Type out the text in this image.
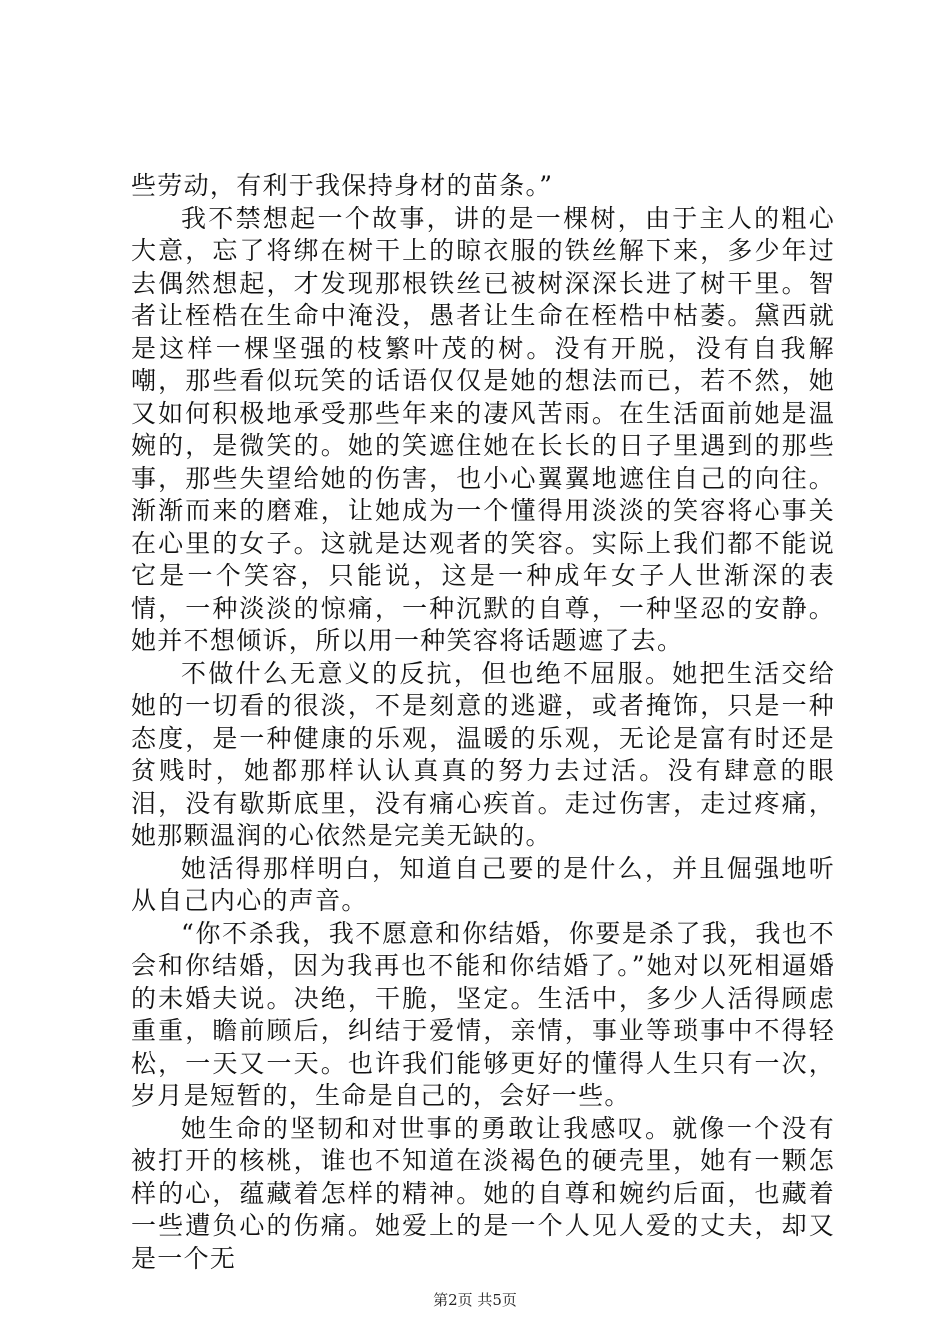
些劳动，有利于我保持身材的苗条。”

我不禁想起一个故事，讲的是一棵树，由于主人的粗心大意，忘了将绑在树干上的晾衣服的铁丝解下来，多少年过去偶然想起，才发现那根铁丝已被树深深长进了树干里。智者让桎梏在生命中淹没，愚者让生命在桎梏中枯萎。黛西就是这样一棵坚强的枝繁叶茂的树。没有开脱，没有自我解嘲，那些看似玩笑的话语仅仅是她的想法而已，若不然，她又如何积极地承受那些年来的凄风苦雨。在生活面前她是温婉的，是微笑的。她的笑遮住她在长长的日子里遇到的那些事，那些失望给她的伤害，也小心翼翼地遮住自己的向往。渐渐而来的磨难，让她成为一个懂得用淡淡的笑容将心事关在心里的女子。这就是达观者的笑容。实际上我们都不能说它是一个笑容，只能说，这是一种成年女子人世渐深的表情，一种淡淡的惊痛，一种沉默的自尊，一种坚忍的安静。她并不想倾诉，所以用一种笑容将话题遮了去。

不做什么无意义的反抗，但也绝不屈服。她把生活交给她的一切看的很淡，不是刻意的逃避，或者掩饰，只是一种态度，是一种健康的乐观，温暖的乐观，无论是富有时还是贫贱时，她都那样认认真真的努力去过活。没有肆意的眼泪，没有歇斯底里，没有痛心疾首。走过伤害，走过疼痛，她那颗温润的心依然是完美无缺的。

她活得那样明白，知道自己要的是什么，并且倔强地听从自己内心的声音。

“你不杀我，我不愿意和你结婚，你要是杀了我，我也不会和你结婚，因为我再也不能和你结婚了。”她对以死相逼婚的未婚夫说。决绝，干脆，坚定。生活中，多少人活得顾虑重重，瞻前顾后，纠结于爱情，亲情，事业等琐事中不得轻松，一天又一天。也许我们能够更好的懂得人生只有一次，岁月是短暂的，生命是自己的，会好一些。

她生命的坚韧和对世事的勇敢让我感叹。就像一个没有被打开的核桃，谁也不知道在淡褐色的硬壳里，她有一颗怎样的心，蕴藏着怎样的精神。她的自尊和婉约后面，也藏着一些遭负心的伤痛。她爱上的是一个人见人爱的丈夫，却又是一个无

第2页 共5页
